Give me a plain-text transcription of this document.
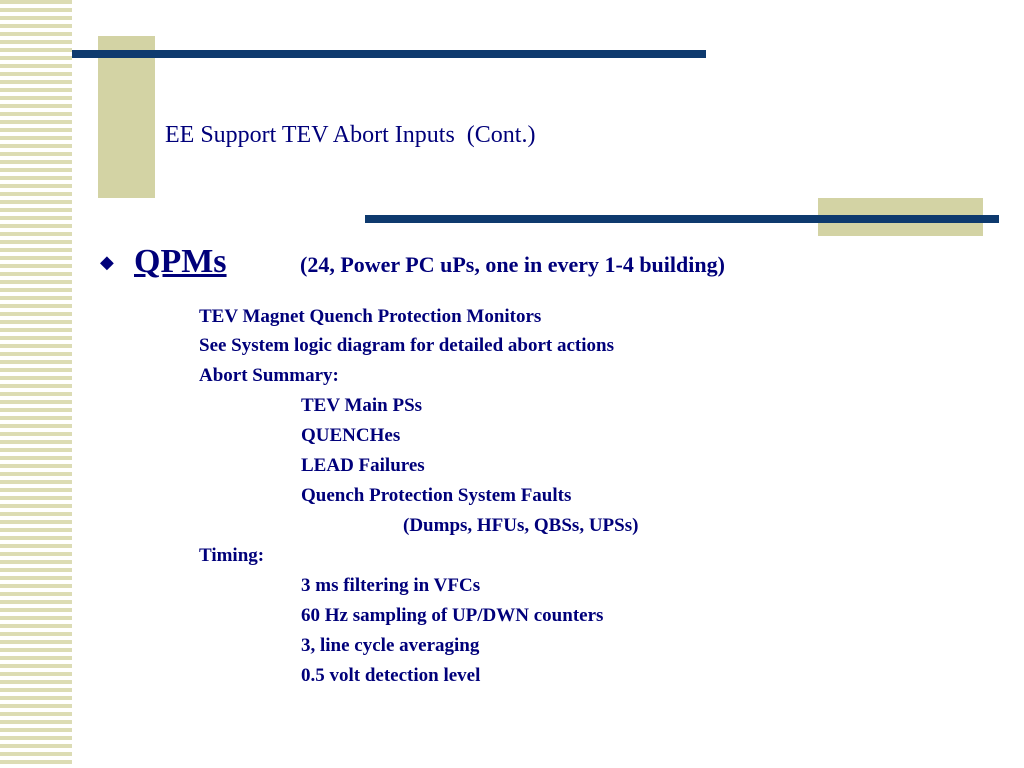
EE Support TEV Abort Inputs  (Cont.)
◆ QPMs	(24, Power PC uPs, one in every 1-4 building)
TEV Magnet Quench Protection Monitors
See System logic diagram for detailed abort actions
Abort Summary:
TEV Main PSs
QUENCHes
LEAD Failures
Quench Protection System Faults
(Dumps, HFUs, QBSs, UPSs)
Timing:
3 ms filtering in VFCs
60 Hz sampling of UP/DWN counters
3, line cycle averaging
0.5 volt detection level
